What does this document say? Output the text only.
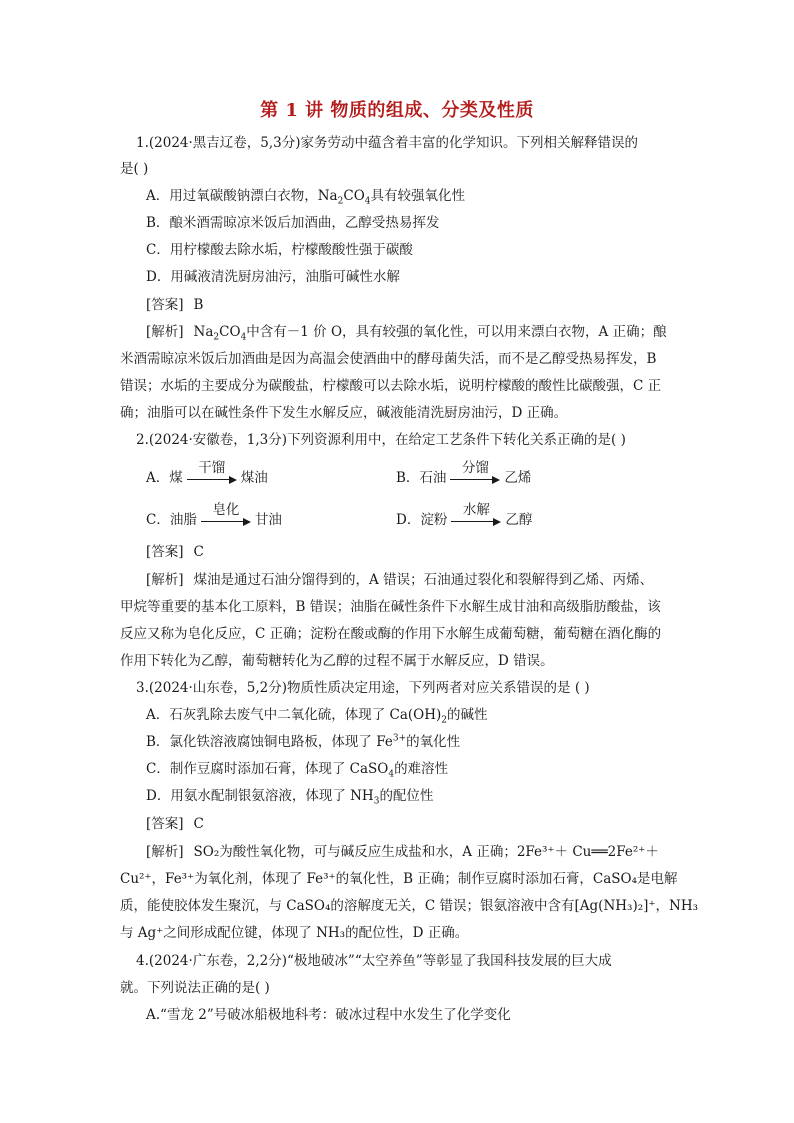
第 1 讲 物质的组成、分类及性质
1.(2024·黑吉辽卷，5,3分)家务劳动中蕴含着丰富的化学知识。下列相关解释错误的
是( )
A．用过氧碳酸钠漂白衣物，$Na_2CO_4$具有较强氧化性
B．酿米酒需晾凉米饭后加酒曲，乙醇受热易挥发
C．用柠檬酸去除水垢，柠檬酸酸性强于碳酸
D．用碱液清洗厨房油污，油脂可碱性水解
[答案] B
[解析] $Na_2CO_4$中含有－1 价 O，具有较强的氧化性，可以用来漂白衣物，A 正确；酿
米酒需晾凉米饭后加酒曲是因为高温会使酒曲中的酵母菌失活，而不是乙醇受热易挥发，B
错误；水垢的主要成分为碳酸盐，柠檬酸可以去除水垢，说明柠檬酸的酸性比碳酸强，C 正
确；油脂可以在碱性条件下发生水解反应，碱液能清洗厨房油污，D 正确。
2.(2024·安徽卷，1,3分)下列资源利用中，在给定工艺条件下转化关系正确的是( )
A．煤
干馏
煤油	B．石油
分馏
乙烯
C．油脂
皂化
甘油	D．淀粉
水解
乙醇
[答案] C
[解析] 煤油是通过石油分馏得到的，A 错误；石油通过裂化和裂解得到乙烯、丙烯、
甲烷等重要的基本化工原料，B 错误；油脂在碱性条件下水解生成甘油和高级脂肪酸盐，该
反应又称为皂化反应，C 正确；淀粉在酸或酶的作用下水解生成葡萄糖，葡萄糖在酒化酶的
作用下转化为乙醇，葡萄糖转化为乙醇的过程不属于水解反应，D 错误。
3.(2024·山东卷，5,2分)物质性质决定用途，下列两者对应关系错误的是 ( )
A．石灰乳除去废气中二氧化硫，体现了 $Ca(OH)_2$的碱性
B．氯化铁溶液腐蚀铜电路板，体现了 $Fe^{3+}$的氧化性
C．制作豆腐时添加石膏，体现了 CaSO$_4$的难溶性
D．用氨水配制银氨溶液，体现了 $NH_3$的配位性
[答案] C
[解析] SO₂为酸性氧化物，可与碱反应生成盐和水，A 正确；2Fe³⁺＋ Cu══2Fe²⁺＋
Cu²⁺，Fe³⁺为氧化剂，体现了 Fe³⁺的氧化性，B 正确；制作豆腐时添加石膏，CaSO₄是电解
质，能使胶体发生聚沉，与 CaSO₄的溶解度无关，C 错误；银氨溶液中含有[Ag(NH₃)₂]⁺，NH₃
与 Ag⁺之间形成配位键，体现了 NH₃的配位性，D 正确。
4.(2024·广东卷，2,2分)“极地破冰”“太空养鱼”等彰显了我国科技发展的巨大成
就。下列说法正确的是( )
A.“雪龙 2”号破冰船极地科考：破冰过程中水发生了化学变化
